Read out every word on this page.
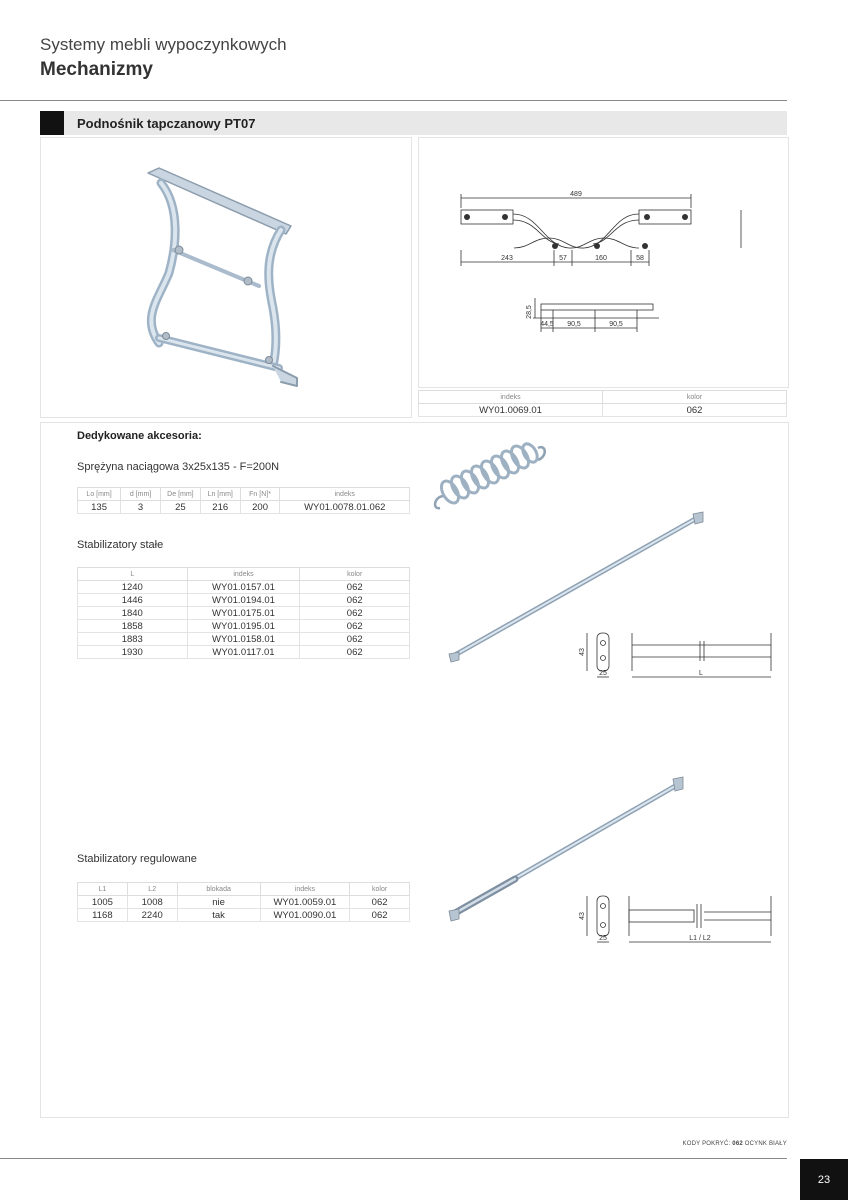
Systemy mebli wypoczynkowych
Mechanizmy
Podnośnik tapczanowy PT07
489
243	57	160	58
28,5
44,5 90,5	90,5
indeks	kolor
WY01.0069.01	062
Dedykowane akcesoria:
Sprężyna naciągowa 3x25x135 - F=200N
Lo [mm]	d [mm]	De [mm]	Ln [mm]	Fn [N]*	indeks
135	3	25	216	200	WY01.0078.01.062
Stabilizatory stałe
L	indeks	kolor
1240	WY01.0157.01	062
1446	WY01.0194.01	062
1840	WY01.0175.01	062
1858	WY01.0195.01	062
1883	WY01.0158.01	062
1930	WY01.0117.01	062	43
25	L
Stabilizatory regulowane
L1	L2	blokada	indeks	kolor
1005	1008	nie	WY01.0059.01	062
1168	2240	tak	WY01.0090.01	062	43
25	L1 / L2
KODY POKRYĆ: 062 OCYNK BIAŁY
23
